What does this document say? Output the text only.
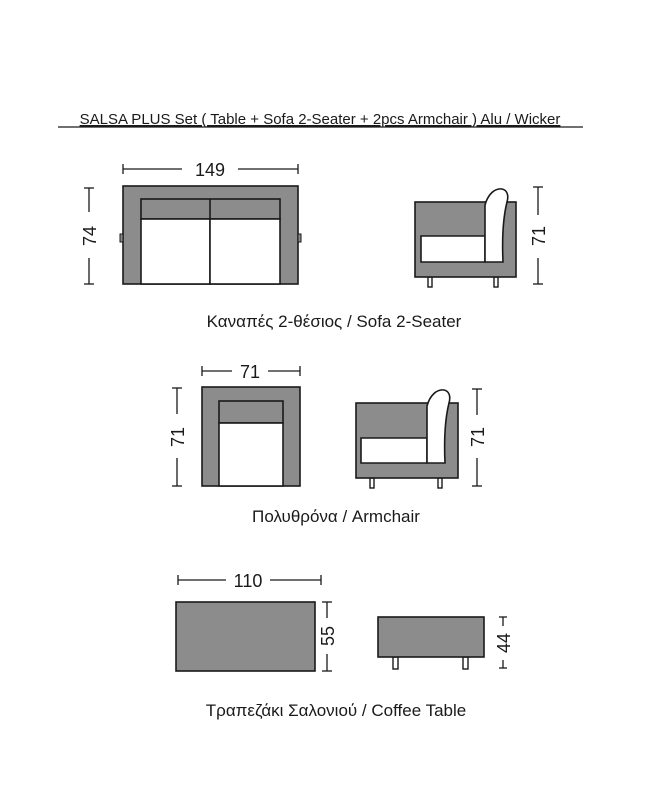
SALSA PLUS Set ( Table + Sofa 2-Seater + 2pcs Armchair ) Alu / Wicker
149
74	71
Καναπές 2-θέσιος / Sofa 2-Seater
71
71	71
Πολυθρόνα / Armchair
110
55	44
Τραπεζάκι Σαλονιού / Coffee Table
